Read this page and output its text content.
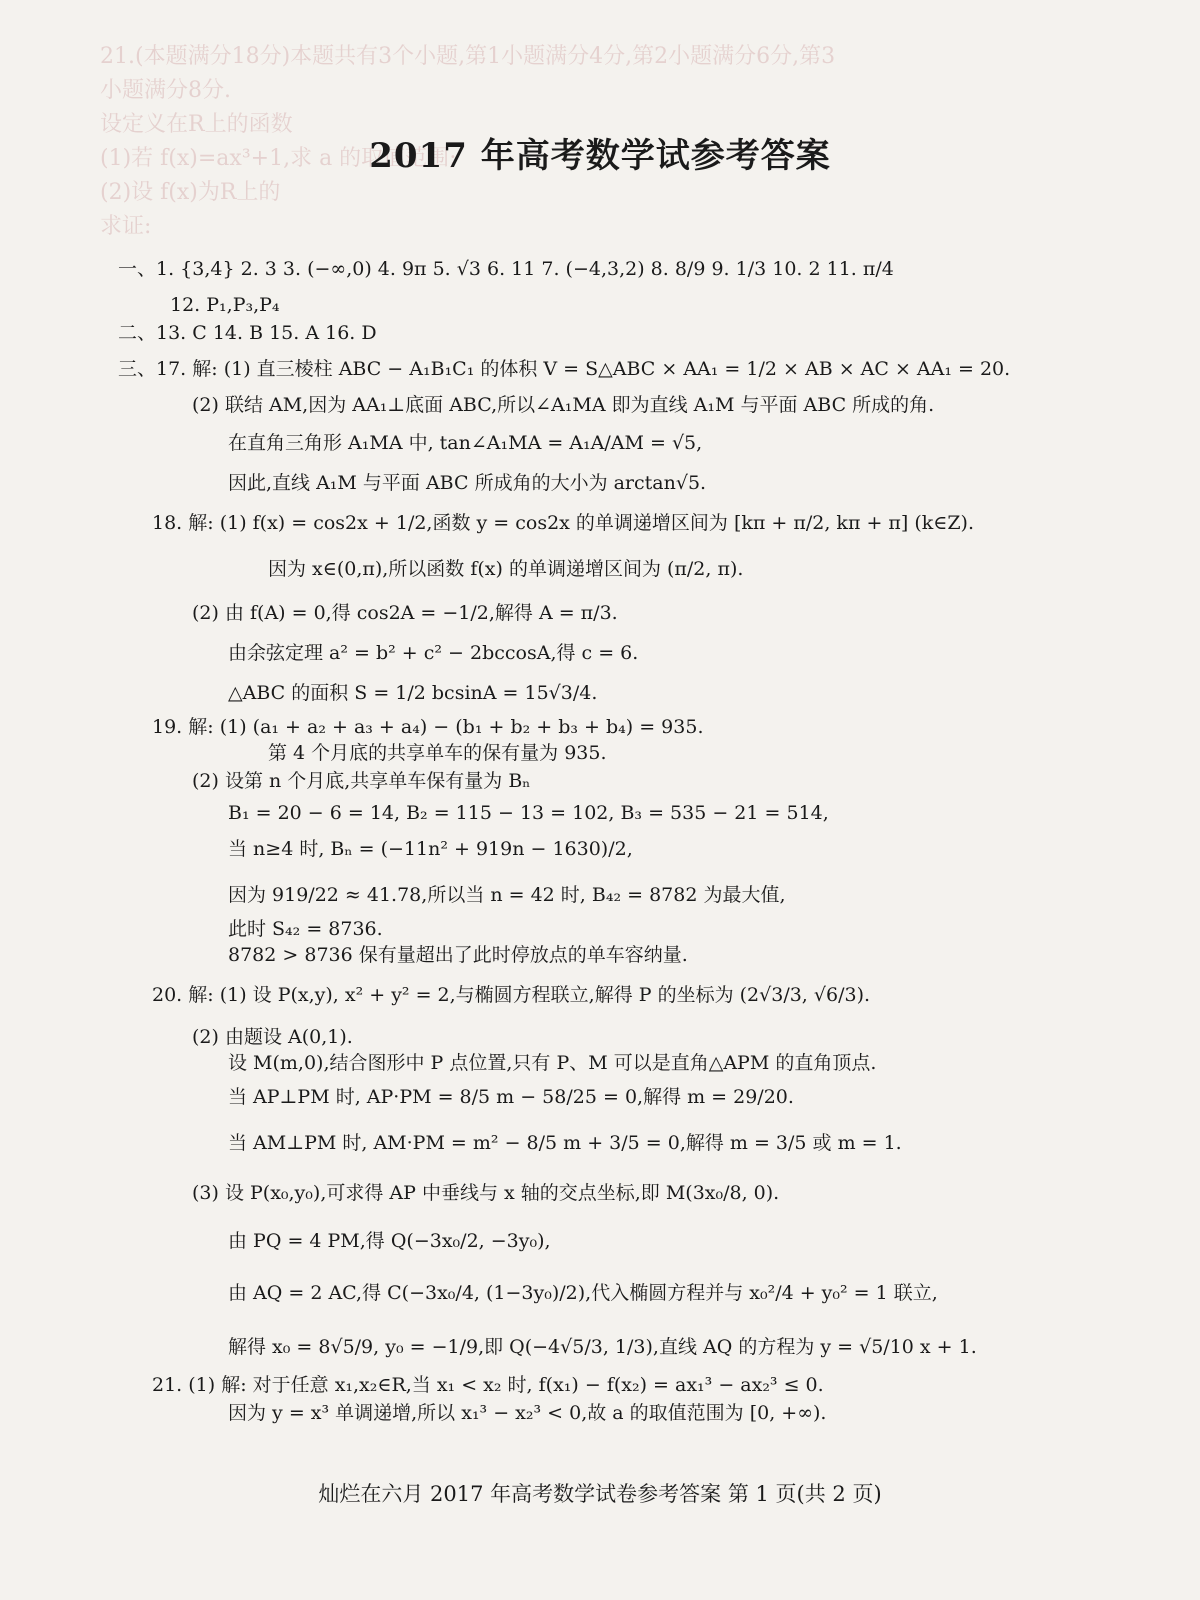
21.(本题满分18分)本题共有3个小题,第1小题满分4分,第2小题满分6分,第3
小题满分8分.
设定义在R上的函数
(1)若 f(x)=ax³+1,求 a 的取值范围;
(2)设 f(x)为R上的
求证:
2017 年高考数学试参考答案
一、1. {3,4} 2. 3 3. (−∞,0) 4. 9π 5. √3 6. 11 7. (−4,3,2) 8. 8/9 9. 1/3 10. 2 11. π/4
12. P₁,P₃,P₄
二、13. C 14. B 15. A 16. D
三、17. 解: (1) 直三棱柱 ABC − A₁B₁C₁ 的体积 V = S△ABC × AA₁ = 1/2 × AB × AC × AA₁ = 20.
(2) 联结 AM,因为 AA₁⊥底面 ABC,所以∠A₁MA 即为直线 A₁M 与平面 ABC 所成的角.
在直角三角形 A₁MA 中, tan∠A₁MA = A₁A/AM = √5,
因此,直线 A₁M 与平面 ABC 所成角的大小为 arctan√5.
18. 解: (1) f(x) = cos2x + 1/2,函数 y = cos2x 的单调递增区间为 [kπ + π/2, kπ + π] (k∈Z).
因为 x∈(0,π),所以函数 f(x) 的单调递增区间为 (π/2, π).
(2) 由 f(A) = 0,得 cos2A = −1/2,解得 A = π/3.
由余弦定理 a² = b² + c² − 2bccosA,得 c = 6.
△ABC 的面积 S = 1/2 bcsinA = 15√3/4.
19. 解: (1) (a₁ + a₂ + a₃ + a₄) − (b₁ + b₂ + b₃ + b₄) = 935.
第 4 个月底的共享单车的保有量为 935.
(2) 设第 n 个月底,共享单车保有量为 Bₙ
B₁ = 20 − 6 = 14, B₂ = 115 − 13 = 102, B₃ = 535 − 21 = 514,
当 n≥4 时, Bₙ = (−11n² + 919n − 1630)/2,
因为 919/22 ≈ 41.78,所以当 n = 42 时, B₄₂ = 8782 为最大值,
此时 S₄₂ = 8736.
8782 > 8736 保有量超出了此时停放点的单车容纳量.
20. 解: (1) 设 P(x,y), x² + y² = 2,与椭圆方程联立,解得 P 的坐标为 (2√3/3, √6/3).
(2) 由题设 A(0,1).
设 M(m,0),结合图形中 P 点位置,只有 P、M 可以是直角△APM 的直角顶点.
当 AP⊥PM 时, AP·PM = 8/5 m − 58/25 = 0,解得 m = 29/20.
当 AM⊥PM 时, AM·PM = m² − 8/5 m + 3/5 = 0,解得 m = 3/5 或 m = 1.
(3) 设 P(x₀,y₀),可求得 AP 中垂线与 x 轴的交点坐标,即 M(3x₀/8, 0).
由 PQ = 4 PM,得 Q(−3x₀/2, −3y₀),
由 AQ = 2 AC,得 C(−3x₀/4, (1−3y₀)/2),代入椭圆方程并与 x₀²/4 + y₀² = 1 联立,
解得 x₀ = 8√5/9, y₀ = −1/9,即 Q(−4√5/3, 1/3),直线 AQ 的方程为 y = √5/10 x + 1.
21. (1) 解: 对于任意 x₁,x₂∈R,当 x₁ < x₂ 时, f(x₁) − f(x₂) = ax₁³ − ax₂³ ≤ 0.
因为 y = x³ 单调递增,所以 x₁³ − x₂³ < 0,故 a 的取值范围为 [0, +∞).
灿烂在六月 2017 年高考数学试卷参考答案 第 1 页(共 2 页)
